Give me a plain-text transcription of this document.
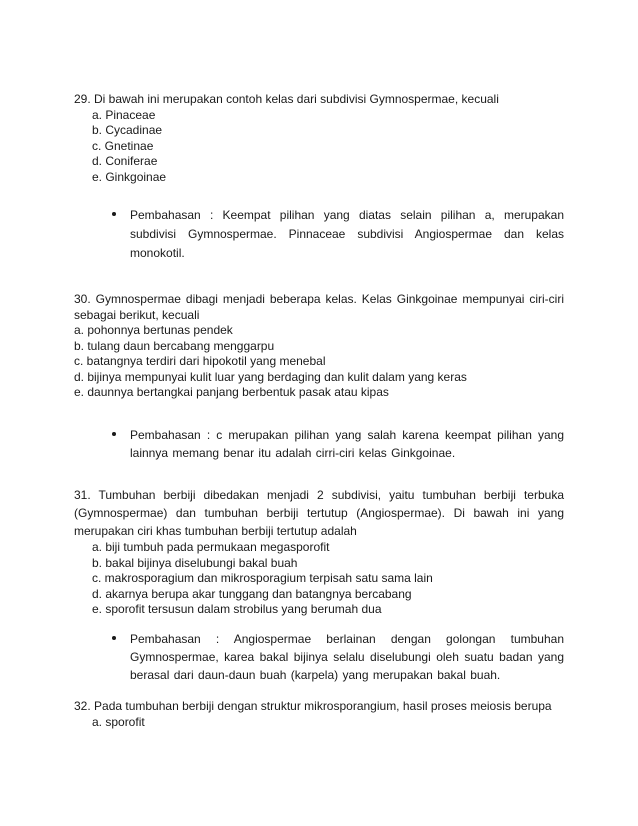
29. Di bawah ini merupakan contoh kelas dari subdivisi Gymnospermae, kecuali

a. Pinaceae

b. Cycadinae

c. Gnetinae

d. Coniferae

e. Ginkgoinae

Pembahasan : Keempat pilihan yang diatas selain pilihan a, merupakan subdivisi Gymnospermae. Pinnaceae subdivisi Angiospermae dan kelas monokotil.

30. Gymnospermae dibagi menjadi beberapa kelas. Kelas Ginkgoinae mempunyai ciri-ciri sebagai berikut, kecuali

a. pohonnya bertunas pendek

b. tulang daun bercabang menggarpu

c. batangnya terdiri dari hipokotil yang menebal

d. bijinya mempunyai kulit luar yang berdaging dan kulit dalam yang keras

e. daunnya bertangkai panjang berbentuk pasak atau kipas

Pembahasan : c merupakan pilihan yang salah karena keempat pilihan yang lainnya memang benar itu adalah cirri-ciri kelas Ginkgoinae.

31. Tumbuhan berbiji dibedakan menjadi 2 subdivisi, yaitu tumbuhan berbiji terbuka (Gymnospermae) dan tumbuhan berbiji tertutup (Angiospermae). Di bawah ini yang merupakan ciri khas tumbuhan berbiji tertutup adalah

a. biji tumbuh pada permukaan megasporofit

b. bakal bijinya diselubungi bakal buah

c. makrosporagium dan mikrosporagium terpisah satu sama lain

d. akarnya berupa akar tunggang dan batangnya bercabang

e. sporofit tersusun dalam strobilus yang berumah dua

Pembahasan : Angiospermae berlainan dengan golongan tumbuhan Gymnospermae, karea bakal bijinya selalu diselubungi oleh suatu badan yang berasal dari daun-daun buah (karpela) yang merupakan bakal buah.

32. Pada tumbuhan berbiji dengan struktur mikrosporangium, hasil proses meiosis berupa

a. sporofit
